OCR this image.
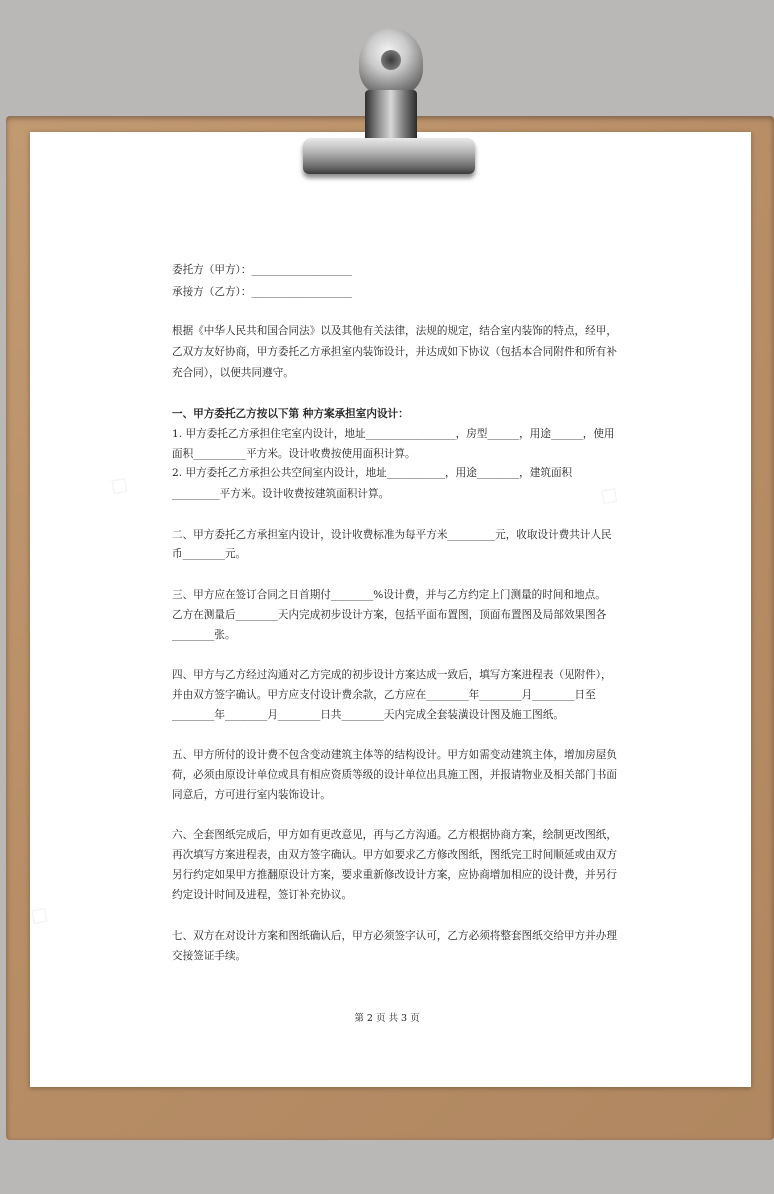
委托方（甲方）：___________________
承接方（乙方）：___________________
根据《中华人民共和国合同法》以及其他有关法律，法规的规定，结合室内装饰的特点，经甲，
乙双方友好协商，甲方委托乙方承担室内装饰设计，并达成如下协议（包括本合同附件和所有补
充合同），以便共同遵守。
一、甲方委托乙方按以下第 种方案承担室内设计：
1. 甲方委托乙方承担住宅室内设计，地址_________________，房型______，用途______，使用
面积__________平方米。设计收费按使用面积计算。
2. 甲方委托乙方承担公共空间室内设计，地址___________，用途________，建筑面积
_________平方米。设计收费按建筑面积计算。
二、甲方委托乙方承担室内设计，设计收费标准为每平方米_________元，收取设计费共计人民
币________元。
三、甲方应在签订合同之日首期付________%设计费，并与乙方约定上门测量的时间和地点。
乙方在测量后________天内完成初步设计方案，包括平面布置图，顶面布置图及局部效果图各
________张。
四、甲方与乙方经过沟通对乙方完成的初步设计方案达成一致后，填写方案进程表（见附件），
并由双方签字确认。甲方应支付设计费余款，乙方应在________年________月________日至
________年________月________日共________天内完成全套装潢设计图及施工图纸。
五、甲方所付的设计费不包含变动建筑主体等的结构设计。甲方如需变动建筑主体，增加房屋负
荷，必须由原设计单位或具有相应资质等级的设计单位出具施工图，并报请物业及相关部门书面
同意后，方可进行室内装饰设计。
六、全套图纸完成后，甲方如有更改意见，再与乙方沟通。乙方根据协商方案，绘制更改图纸，
再次填写方案进程表，由双方签字确认。甲方如要求乙方修改图纸，图纸完工时间顺延或由双方
另行约定如果甲方推翻原设计方案，要求重新修改设计方案，应协商增加相应的设计费，并另行
约定设计时间及进程，签订补充协议。
七、双方在对设计方案和图纸确认后，甲方必须签字认可，乙方必须将整套图纸交给甲方并办理
交接签证手续。
第 2 页 共 3 页
